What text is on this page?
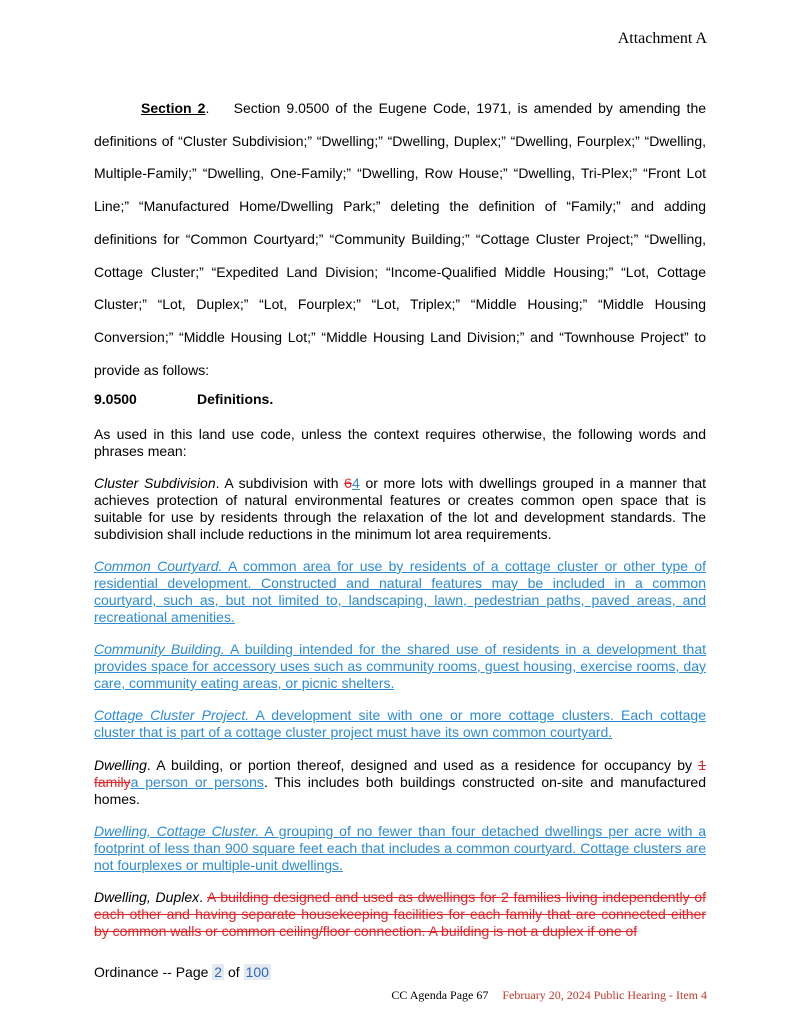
Attachment A
Section 2. Section 9.0500 of the Eugene Code, 1971, is amended by amending the definitions of “Cluster Subdivision;” “Dwelling;” “Dwelling, Duplex;” “Dwelling, Fourplex;” “Dwelling, Multiple-Family;” “Dwelling, One-Family;” “Dwelling, Row House;” “Dwelling, Tri-Plex;” “Front Lot Line;” “Manufactured Home/Dwelling Park;” deleting the definition of “Family;” and adding definitions for “Common Courtyard;” “Community Building;” “Cottage Cluster Project;” “Dwelling, Cottage Cluster;” “Expedited Land Division; “Income-Qualified Middle Housing;” “Lot, Cottage Cluster;” “Lot, Duplex;” “Lot, Fourplex;” “Lot, Triplex;” “Middle Housing;” “Middle Housing Conversion;” “Middle Housing Lot;” “Middle Housing Land Division;” and “Townhouse Project” to provide as follows:
9.0500	Definitions.
As used in this land use code, unless the context requires otherwise, the following words and phrases mean:
Cluster Subdivision. A subdivision with 64 or more lots with dwellings grouped in a manner that achieves protection of natural environmental features or creates common open space that is suitable for use by residents through the relaxation of the lot and development standards. The subdivision shall include reductions in the minimum lot area requirements.
Common Courtyard. A common area for use by residents of a cottage cluster or other type of residential development. Constructed and natural features may be included in a common courtyard, such as, but not limited to, landscaping, lawn, pedestrian paths, paved areas, and recreational amenities.
Community Building. A building intended for the shared use of residents in a development that provides space for accessory uses such as community rooms, guest housing, exercise rooms, day care, community eating areas, or picnic shelters.
Cottage Cluster Project. A development site with one or more cottage clusters. Each cottage cluster that is part of a cottage cluster project must have its own common courtyard.
Dwelling. A building, or portion thereof, designed and used as a residence for occupancy by 1 familya person or persons. This includes both buildings constructed on-site and manufactured homes.
Dwelling, Cottage Cluster. A grouping of no fewer than four detached dwellings per acre with a footprint of less than 900 square feet each that includes a common courtyard. Cottage clusters are not fourplexes or multiple-unit dwellings.
Dwelling, Duplex. A building designed and used as dwellings for 2 families living independently of each other and having separate housekeeping facilities for each family that are connected either by common walls or common ceiling/floor connection. A building is not a duplex if one of
Ordinance -- Page 2 of 100
CC Agenda Page 67 February 20, 2024 Public Hearing - Item 4
